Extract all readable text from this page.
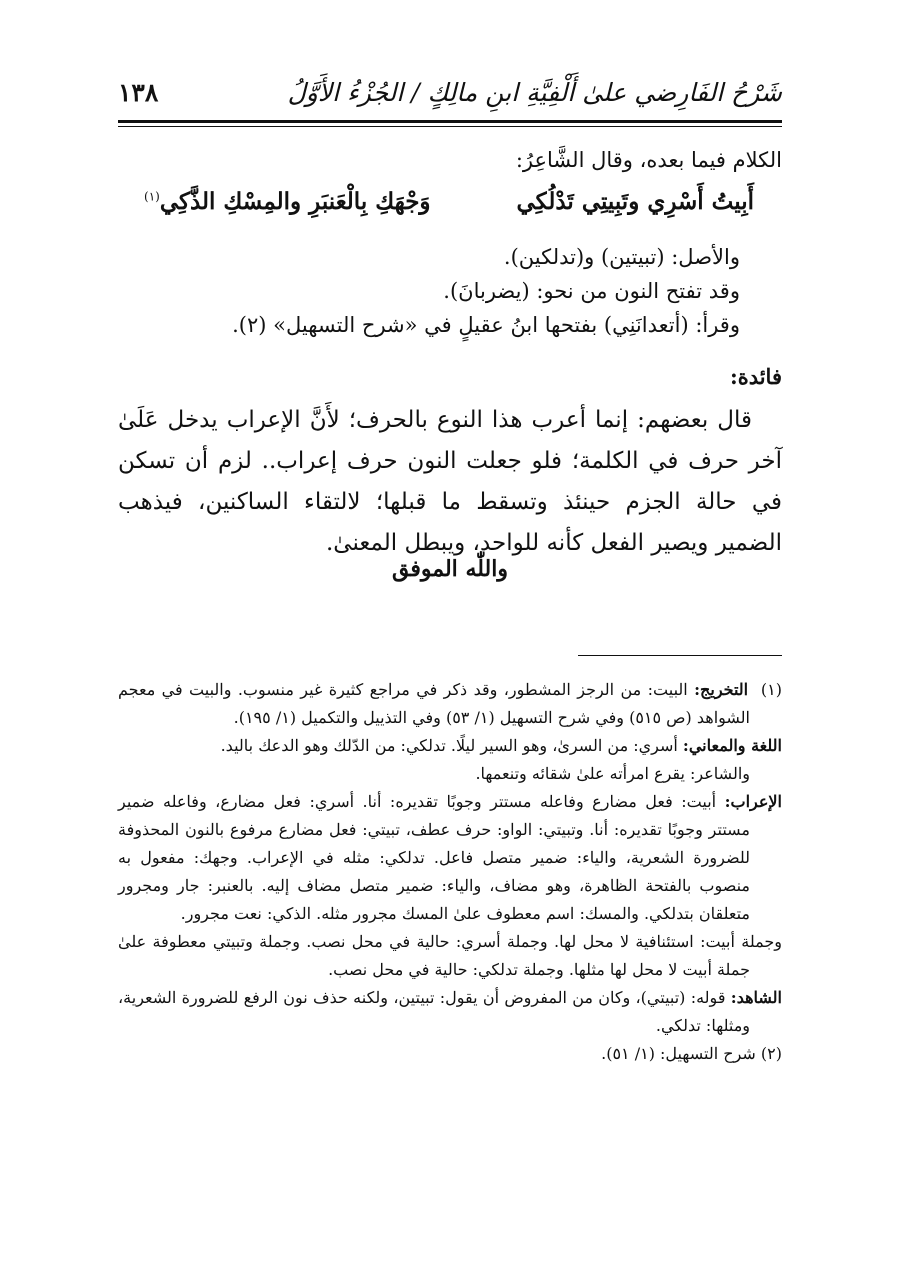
شَرْحُ الفَارِضي علىٰ أَلْفِيَّةِ ابنِ مالِكٍ / الجُزْءُ الأَوَّلُ
١٣٨

الكلام فيما بعده، وقال الشَّاعِرُ:

أَبِيتُ أَسْرِي وتَبِيتِي تَدْلُكِي
وَجْهَكِ بِالْعَنبَرِ والمِسْكِ الذَّكِي$^{(١)}$

والأصل: (تبيتين) و(تدلكين).

وقد تفتح النون من نحو: (يضربانَ).

وقرأ: (أتعدانَنِي) بفتحها ابنُ عقيلٍ في «شرح التسهيل» (٢).

فائدة:

قال بعضهم: إنما أعرب هذا النوع بالحرف؛ لأَنَّ الإعراب يدخل عَلَىٰ آخر حرف في الكلمة؛ فلو جعلت النون حرف إعراب.. لزم أن تسكن في حالة الجزم حينئذ وتسقط ما قبلها؛ لالتقاء الساكنين، فيذهب الضمير ويصير الفعل كأنه للواحد، ويبطل المعنىٰ.

واللّٰه الموفق

(١)  التخريج: البيت: من الرجز المشطور، وقد ذكر في مراجع كثيرة غير منسوب. والبيت في معجم الشواهد (ص ٥١٥) وفي شرح التسهيل (١/ ٥٣) وفي التذييل والتكميل (١/ ١٩٥).

اللغة والمعاني: أسري: من السرىٰ، وهو السير ليلًا. تدلكي: من الدّلك وهو الدعك باليد.

والشاعر: يقرع امرأته علىٰ شقائه وتنعمها.

الإعراب: أبيت: فعل مضارع وفاعله مستتر وجوبًا تقديره: أنا. أسري: فعل مضارع، وفاعله ضمير مستتر وجوبًا تقديره: أنا. وتبيتي: الواو: حرف عطف، تبيتي: فعل مضارع مرفوع بالنون المحذوفة للضرورة الشعرية، والياء: ضمير متصل فاعل. تدلكي: مثله في الإعراب. وجهك: مفعول به منصوب بالفتحة الظاهرة، وهو مضاف، والياء: ضمير متصل مضاف إليه. بالعنبر: جار ومجرور متعلقان بتدلكي. والمسك: اسم معطوف علىٰ المسك مجرور مثله. الذكي: نعت مجرور.

وجملة أبيت: استئنافية لا محل لها. وجملة أسري: حالية في محل نصب. وجملة وتبيتي معطوفة علىٰ جملة أبيت لا محل لها مثلها. وجملة تدلكي: حالية في محل نصب.

الشاهد: قوله: (تبيتي)، وكان من المفروض أن يقول: تبيتين، ولكنه حذف نون الرفع للضرورة الشعرية، ومثلها: تدلكي.

(٢) شرح التسهيل: (١/ ٥١).
